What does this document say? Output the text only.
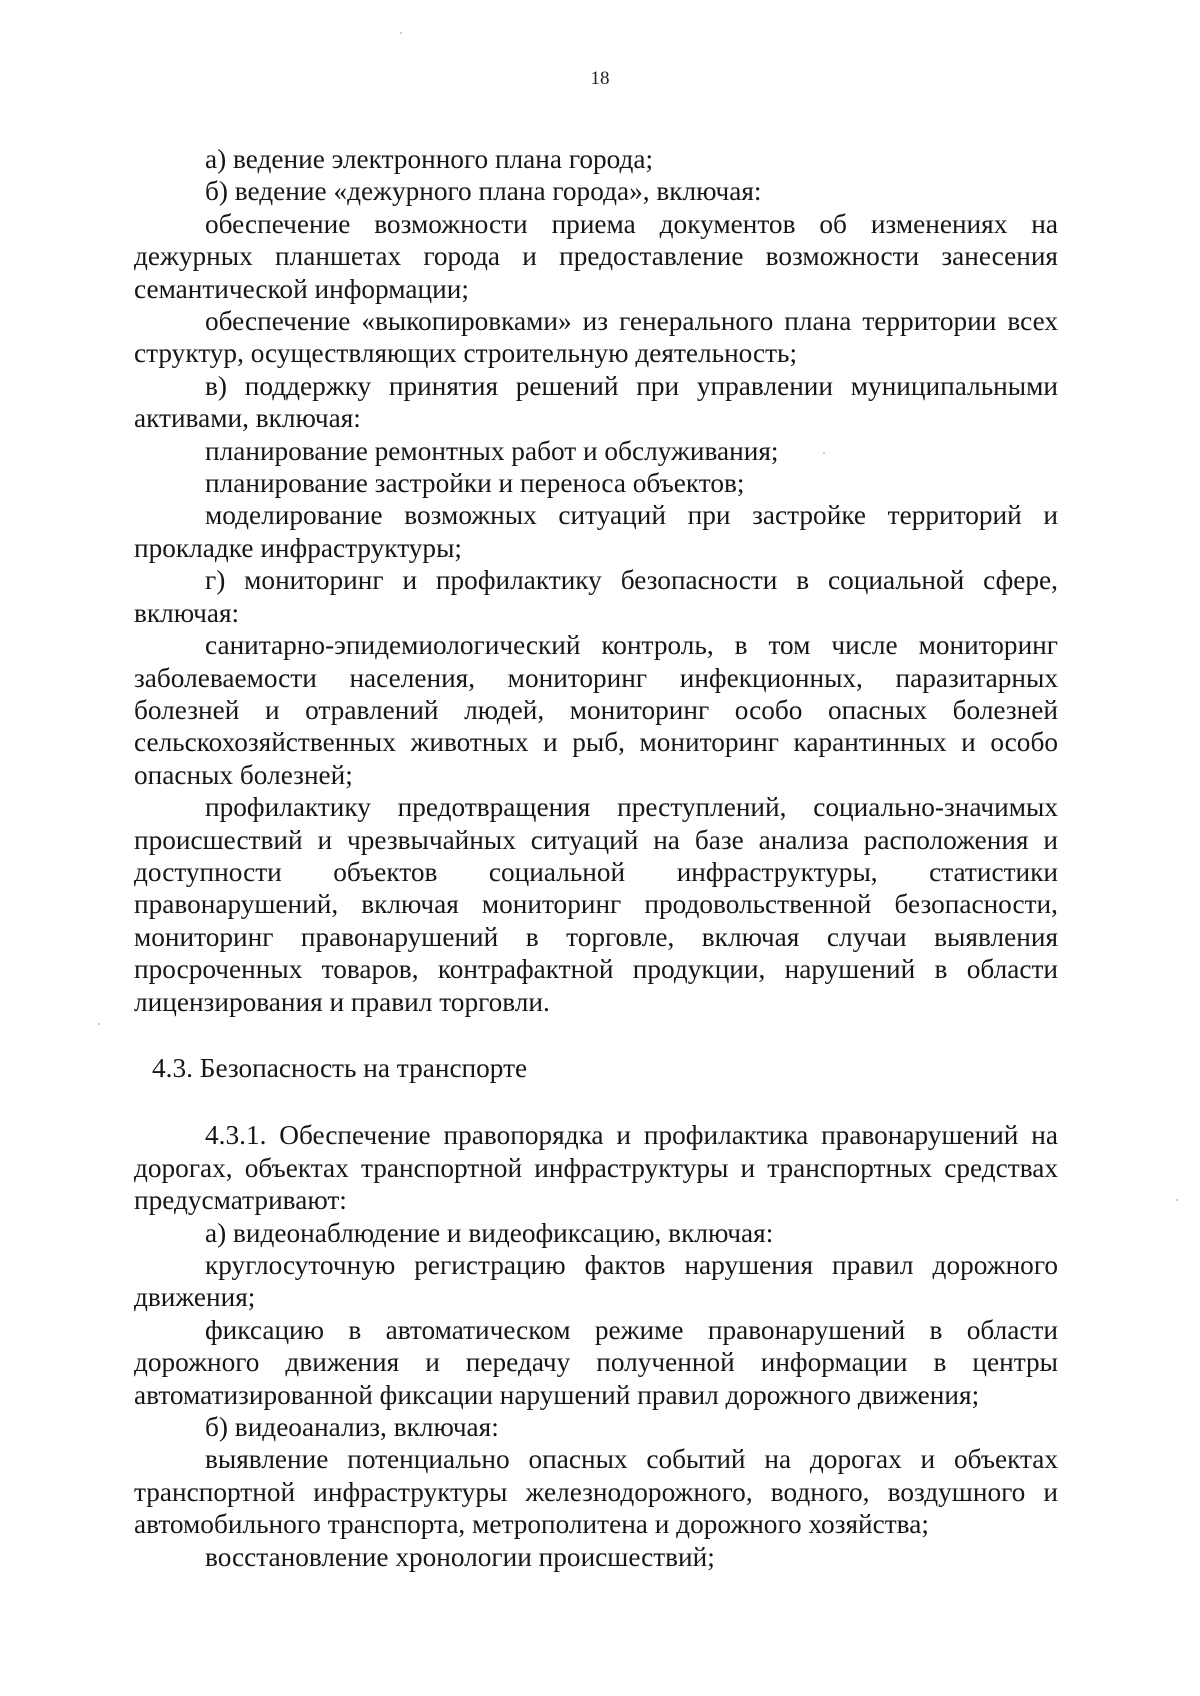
18

а) ведение электронного плана города;

б) ведение «дежурного плана города», включая:

обеспечение возможности приема документов об изменениях на дежурных планшетах города и предоставление возможности занесения семантической информации;

обеспечение «выкопировками» из генерального плана территории всех структур, осуществляющих строительную деятельность;

в) поддержку принятия решений при управлении муниципальными активами, включая:

планирование ремонтных работ и обслуживания;

планирование застройки и переноса объектов;

моделирование возможных ситуаций при застройке территорий и прокладке инфраструктуры;

г) мониторинг и профилактику безопасности в социальной сфере, включая:

санитарно-эпидемиологический контроль, в том числе мониторинг заболеваемости населения, мониторинг инфекционных, паразитарных болезней и отравлений людей, мониторинг особо опасных болезней сельскохозяйственных животных и рыб, мониторинг карантинных и особо опасных болезней;

профилактику предотвращения преступлений, социально-значимых происшествий и чрезвычайных ситуаций на базе анализа расположения и доступности объектов социальной инфраструктуры, статистики правонарушений, включая мониторинг продовольственной безопасности, мониторинг правонарушений в торговле, включая случаи выявления просроченных товаров, контрафактной продукции, нарушений в области лицензирования и правил торговли.

4.3. Безопасность на транспорте

4.3.1. Обеспечение правопорядка и профилактика правонарушений на дорогах, объектах транспортной инфраструктуры и транспортных средствах предусматривают:

а) видеонаблюдение и видеофиксацию, включая:

круглосуточную регистрацию фактов нарушения правил дорожного движения;

фиксацию в автоматическом режиме правонарушений в области дорожного движения и передачу полученной информации в центры автоматизированной фиксации нарушений правил дорожного движения;

б) видеоанализ, включая:

выявление потенциально опасных событий на дорогах и объектах транспортной инфраструктуры железнодорожного, водного, воздушного и автомобильного транспорта, метрополитена и дорожного хозяйства;

восстановление хронологии происшествий;
